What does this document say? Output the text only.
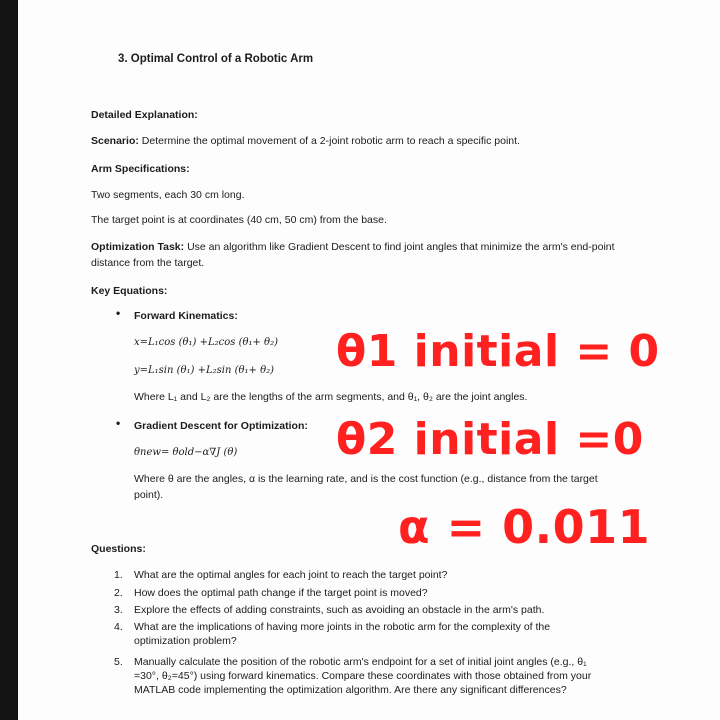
3. Optimal Control of a Robotic Arm
Detailed Explanation:
Scenario: Determine the optimal movement of a 2-joint robotic arm to reach a specific point.
Arm Specifications:
Two segments, each 30 cm long.
The target point is at coordinates (40 cm, 50 cm) from the base.
Optimization Task: Use an algorithm like Gradient Descent to find joint angles that minimize the arm's end-point
distance from the target.
Key Equations:
• Forward Kinematics:
x=L₁cos (θ₁) +L₂cos (θ₁+ θ₂)
y=L₁sin (θ₁) +L₂sin (θ₁+ θ₂)
Where L₁ and L₂ are the lengths of the arm segments, and θ₁, θ₂ are the joint angles.
• Gradient Descent for Optimization:
θnew= θold−α∇J (θ)
Where θ are the angles, α is the learning rate, and is the cost function (e.g., distance from the target
point).
Questions:
1. What are the optimal angles for each joint to reach the target point?
2. How does the optimal path change if the target point is moved?
3. Explore the effects of adding constraints, such as avoiding an obstacle in the arm's path.
4. What are the implications of having more joints in the robotic arm for the complexity of the
optimization problem?
5. Manually calculate the position of the robotic arm's endpoint for a set of initial joint angles (e.g., θ₁
=30°, θ₂=45°) using forward kinematics. Compare these coordinates with those obtained from your
MATLAB code implementing the optimization algorithm. Are there any significant differences?
θ1 initial = 0
θ2 initial =0
α = 0.011
